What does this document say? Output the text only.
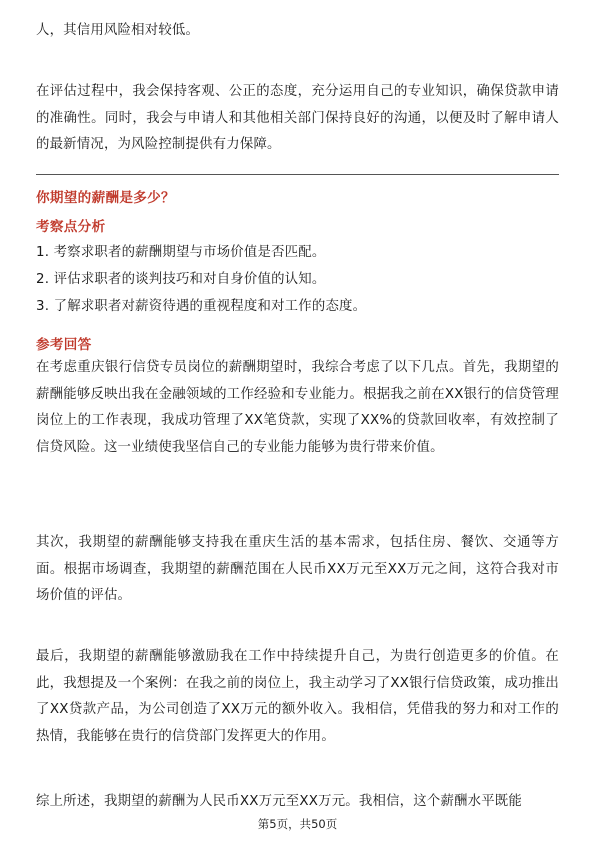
人，其信用风险相对较低。

在评估过程中，我会保持客观、公正的态度，充分运用自己的专业知识，确保贷款申请的准确性。同时，我会与申请人和其他相关部门保持良好的沟通，以便及时了解申请人的最新情况，为风险控制提供有力保障。

你期望的薪酬是多少？

考察点分析

1. 考察求职者的薪酬期望与市场价值是否匹配。
2. 评估求职者的谈判技巧和对自身价值的认知。
3. 了解求职者对薪资待遇的重视程度和对工作的态度。

参考回答

在考虑重庆银行信贷专员岗位的薪酬期望时，我综合考虑了以下几点。首先，我期望的薪酬能够反映出我在金融领域的工作经验和专业能力。根据我之前在XX银行的信贷管理岗位上的工作表现，我成功管理了XX笔贷款，实现了XX%的贷款回收率，有效控制了信贷风险。这一业绩使我坚信自己的专业能力能够为贵行带来价值。

其次，我期望的薪酬能够支持我在重庆生活的基本需求，包括住房、餐饮、交通等方面。根据市场调查，我期望的薪酬范围在人民币XX万元至XX万元之间，这符合我对市场价值的评估。

最后，我期望的薪酬能够激励我在工作中持续提升自己，为贵行创造更多的价值。在此，我想提及一个案例：在我之前的岗位上，我主动学习了XX银行信贷政策，成功推出了XX贷款产品，为公司创造了XX万元的额外收入。我相信，凭借我的努力和对工作的热情，我能够在贵行的信贷部门发挥更大的作用。

综上所述，我期望的薪酬为人民币XX万元至XX万元。我相信，这个薪酬水平既能

第5页，共50页
